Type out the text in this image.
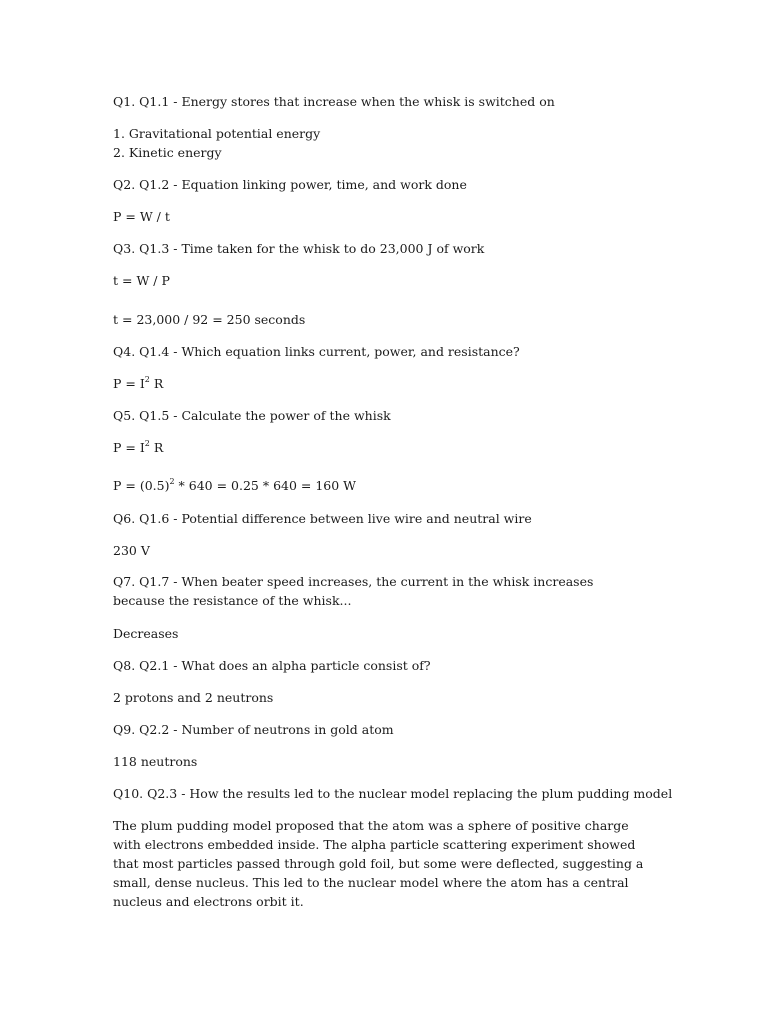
Q1. Q1.1 - Energy stores that increase when the whisk is switched on

1. Gravitational potential energy

2. Kinetic energy

Q2. Q1.2 - Equation linking power, time, and work done

P = W / t

Q3. Q1.3 - Time taken for the whisk to do 23,000 J of work

t = W / P

t = 23,000 / 92 = 250 seconds

Q4. Q1.4 - Which equation links current, power, and resistance?

$P = I^2$ R

Q5. Q1.5 - Calculate the power of the whisk

$P = I^2$ R

$P = (0.5)^2 * 640 = 0.25 * 640 = 160$ W

Q6. Q1.6 - Potential difference between live wire and neutral wire

230 V

Q7. Q1.7 - When beater speed increases, the current in the whisk increases because the resistance of the whisk...

Decreases

Q8. Q2.1 - What does an alpha particle consist of?

2 protons and 2 neutrons

Q9. Q2.2 - Number of neutrons in gold atom

118 neutrons

Q10. Q2.3 - How the results led to the nuclear model replacing the plum pudding model

The plum pudding model proposed that the atom was a sphere of positive charge with electrons embedded inside. The alpha particle scattering experiment showed that most particles passed through gold foil, but some were deflected, suggesting a small, dense nucleus. This led to the nuclear model where the atom has a central nucleus and electrons orbit it.
